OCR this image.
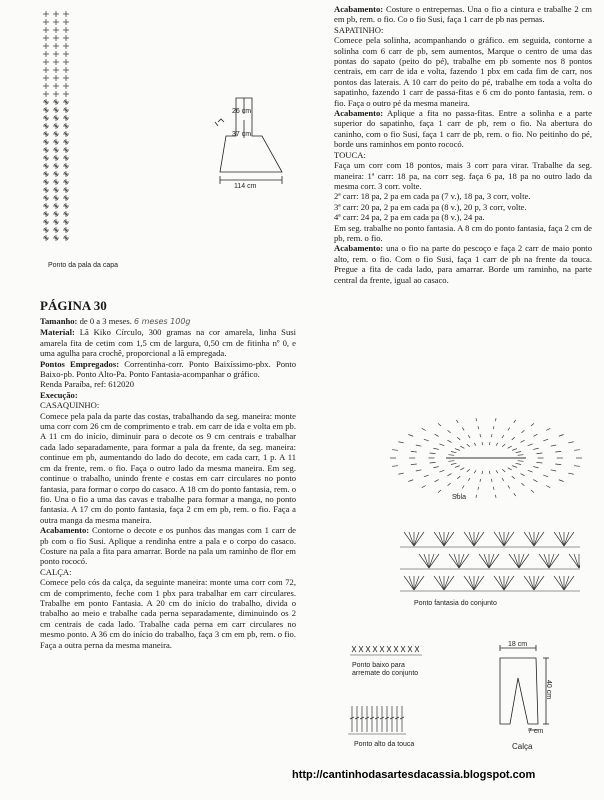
Ponto da pala da capa
26 cm
37 cm
114 cm
PÁGINA 30

Tamanho: de 0 a 3 meses. 6 meses 100g

Material: Lã Kiko Círculo, 300 gramas na cor amarela, linha Susi amarela fita de cetim com 1,5 cm de largura, 0,50 cm de fitinha nº 0, e uma agulha para crochê, proporcional a lã empregada.

Pontos Empregados: Correntinha-corr. Ponto Baixíssimo-pbx. Ponto Baixo-pb. Ponto Alto-Pa. Ponto Fantasia-acompanhar o gráfico.

Renda Paraíba, ref: 612020

Execução:

CASAQUINHO:

Comece pela pala da parte das costas, trabalhando da seg. maneira: monte uma corr com 26 cm de comprimento e trab. em carr de ida e volta em pb. A 11 cm do início, diminuir para o decote os 9 cm centrais e trabalhar cada lado separadamente, para formar a pala da frente, da seg. maneira: continue em pb, aumentando do lado do decote, em cada carr, 1 p. A 11 cm da frente, rem. o fio. Faça o outro lado da mesma maneira. Em seg. continue o trabalho, unindo frente e costas em carr circulares no ponto fantasia, para formar o corpo do casaco. A 18 cm do ponto fantasia, rem. o fio. Una o fio a uma das cavas e trabalhe para formar a manga, no ponto fantasia. A 17 cm do ponto fantasia, faça 2 cm em pb, rem. o fio. Faça a outra manga da mesma maneira.

Acabamento: Contorne o decote e os punhos das mangas com 1 carr de pb com o fio Susi. Aplique a rendinha entre a pala e o corpo do casaco. Costure na pala a fita para amarrar. Borde na pala um raminho de flor em ponto rococó.

CALÇA:

Comece pelo cós da calça, da seguinte maneira: monte uma corr com 72, cm de comprimento, feche com 1 pbx para trabalhar em carr circulares. Trabalhe em ponto Fantasia. A 20 cm do início do trabalho, divida o trabalho ao meio e trabalhe cada perna separadamente, diminuindo os 2 cm centrais de cada lado. Trabalhe cada perna em carr circulares no mesmo ponto. A 36 cm do início do trabalho, faça 3 cm em pb, rem. o fio. Faça a outra perna da mesma maneira.

Acabamento: Costure o entrepernas. Una o fio a cintura e trabalhe 2 cm em pb, rem. o fio. Co o fio Susi, faça 1 carr de pb nas pernas.

SAPATINHO:

Comece pela solinha, acompanhando o gráfico. em seguida, contorne a solinha com 6 carr de pb, sem aumentos, Marque o centro de uma das pontas do sapato (peito do pé), trabalhe em pb somente nos 8 pontos centrais, em carr de ida e volta, fazendo 1 pbx em cada fim de carr, nos pontos das laterais. A 10 carr do peito do pé, trabalhe em toda a volta do sapatinho, fazendo 1 carr de passa-fitas e 6 cm do ponto fantasia, rem. o fio. Faça o outro pé da mesma maneira.

Acabamento: Aplique a fita no passa-fitas. Entre a solinha e a parte superior do sapatinho, faça 1 carr de pb, rem o fio. Na abertura do caninho, com o fio Susi, faça 1 carr de pb, rem. o fio. No peitinho do pé, borde uns raminhos em ponto rococó.

TOUCA:

Faça um corr com 18 pontos, mais 3 corr para virar. Trabalhe da seg. maneira: 1ª carr: 18 pa, na corr seg. faça 6 pa, 18 pa no outro lado da mesma corr. 3 corr. volte.

2ª carr: 18 pa, 2 pa em cada pa (7 v.), 18 pa, 3 corr, volte.

3ª carr: 20 pa, 2 pa em cada pa (8 v.), 20 p, 3 corr, volte.

4ª carr: 24 pa, 2 pa em cada pa (8 v.), 24 pa.

Em seg. trabalhe no ponto fantasia. A 8 cm do ponto fantasia, faça 2 cm de pb, rem. o fio.

Acabamento: una o fio na parte do pescoço e faça 2 carr de maio ponto alto, rem. o fio. Com o fio Susi, faça 1 carr de pb na frente da touca. Pregue a fita de cada lado, para amarrar. Borde um raminho, na parte central da frente, igual ao casaco.

Sola
Ponto fantasia do conjunto
Ponto baixo para arremate do conjunto
Ponto alto da touca
18 cm
40 cm
7 cm
Calça
http://cantinhodasartesdacassia.blogspot.com
